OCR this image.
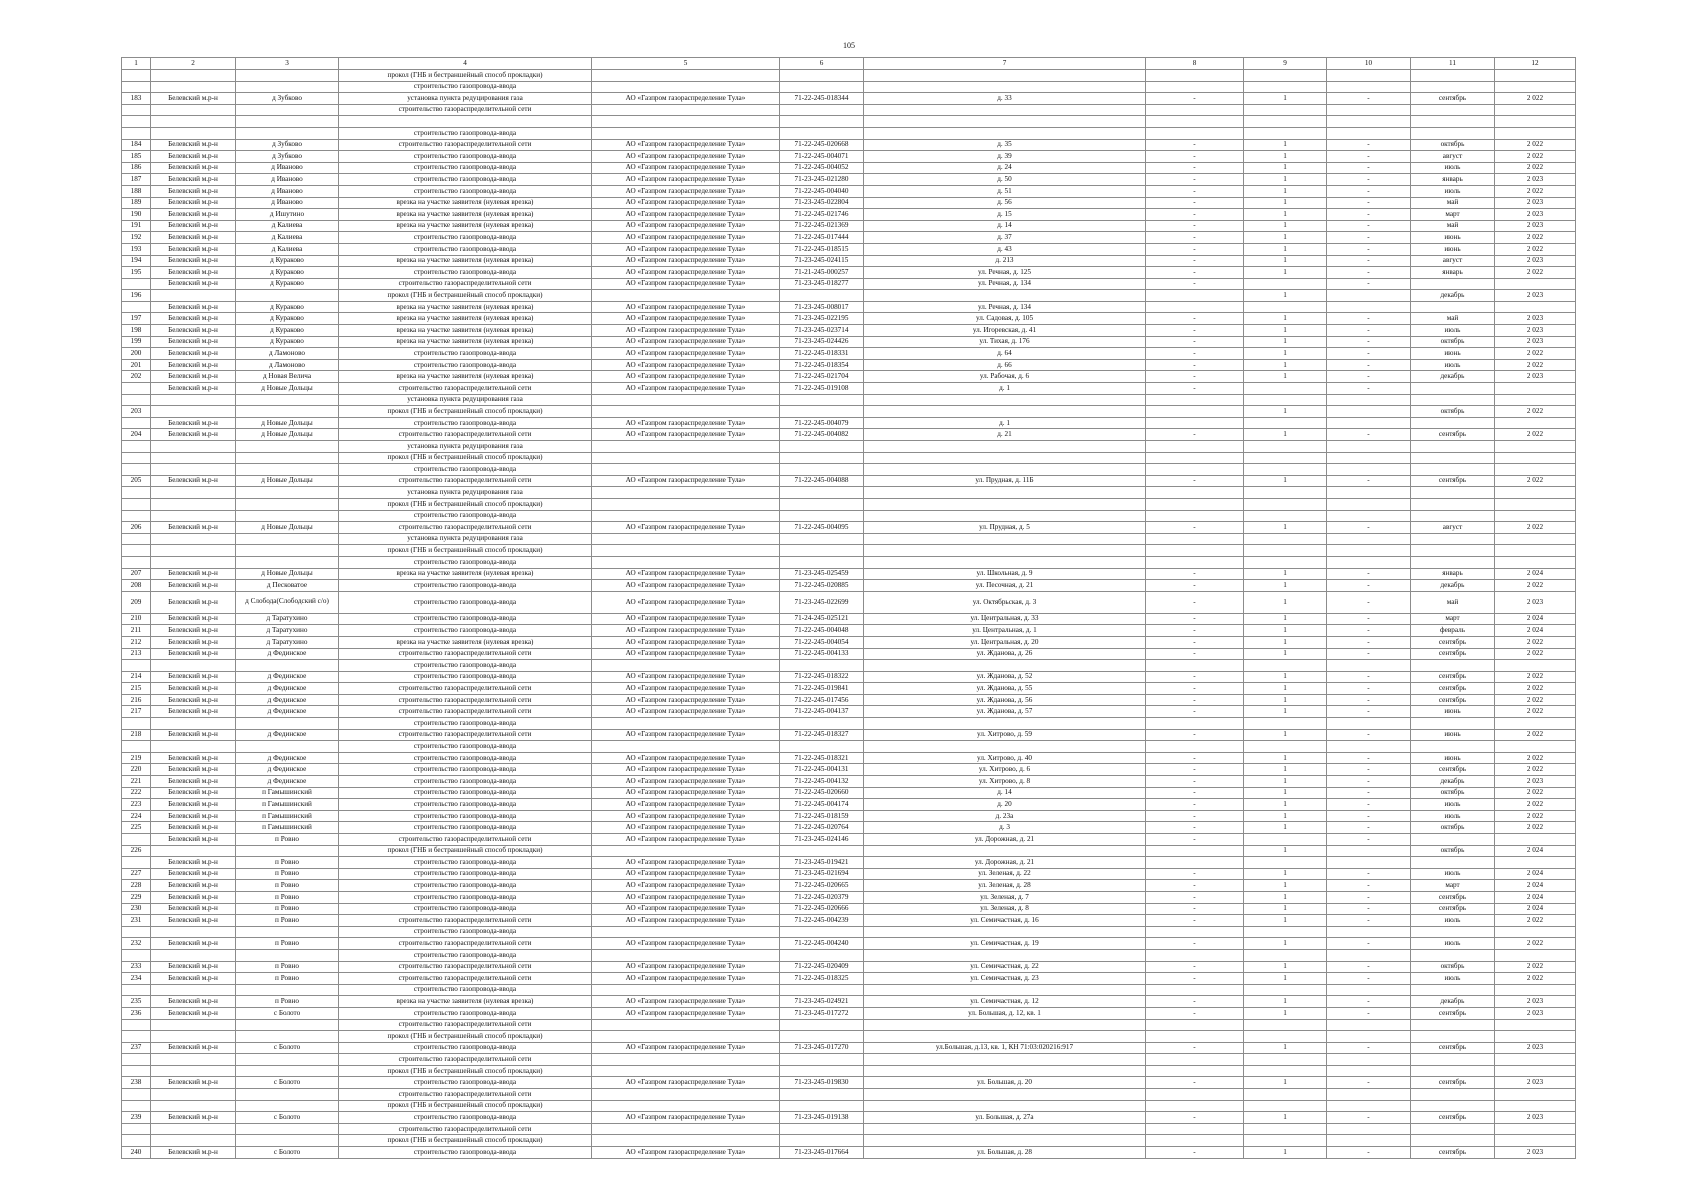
105
1	2	3	4	5	6	7	8	9	10	11	12
			прокол (ГНБ и бестраншейный способ прокладки)								
			строительство газопровода-ввода								
183	Белевский м.р-н	д Зубково	установка пункта редуцирования газа	АО «Газпром газораспределение Тула»	71-22-245-018344	д. 33	-	1	-	сентябрь	2 022
			строительство газораспределительной сети								

			строительство газопровода-ввода								
184	Белевский м.р-н	д Зубково	строительство газораспределительной сети	АО «Газпром газораспределение Тула»	71-22-245-020668	д. 35	-	1	-	октябрь	2 022
185	Белевский м.р-н	д Зубково	строительство газопровода-ввода	АО «Газпром газораспределение Тула»	71-22-245-004071	д. 39	-	1	-	август	2 022
186	Белевский м.р-н	д Иваново	строительство газопровода-ввода	АО «Газпром газораспределение Тула»	71-22-245-004052	д. 24	-	1	-	июль	2 022
187	Белевский м.р-н	д Иваново	строительство газопровода-ввода	АО «Газпром газораспределение Тула»	71-23-245-021280	д. 50	-	1	-	январь	2 023
188	Белевский м.р-н	д Иваново	строительство газопровода-ввода	АО «Газпром газораспределение Тула»	71-22-245-004040	д. 51	-	1	-	июль	2 022
189	Белевский м.р-н	д Иваново	врезка на участке заявителя (нулевая врезка)	АО «Газпром газораспределение Тула»	71-23-245-022804	д. 56	-	1	-	май	2 023
190	Белевский м.р-н	д Ишутино	врезка на участке заявителя (нулевая врезка)	АО «Газпром газораспределение Тула»	71-22-245-021746	д. 15	-	1	-	март	2 023
191	Белевский м.р-н	д Калиева	врезка на участке заявителя (нулевая врезка)	АО «Газпром газораспределение Тула»	71-22-245-021369	д. 14	-	1	-	май	2 023
192	Белевский м.р-н	д Калиева	строительство газопровода-ввода	АО «Газпром газораспределение Тула»	71-22-245-017444	д. 37	-	1	-	июнь	2 022
193	Белевский м.р-н	д Калиева	строительство газопровода-ввода	АО «Газпром газораспределение Тула»	71-22-245-018515	д. 43	-	1	-	июнь	2 022
194	Белевский м.р-н	д Кураково	врезка на участке заявителя (нулевая врезка)	АО «Газпром газораспределение Тула»	71-23-245-024115	д. 213	-	1	-	август	2 023
195	Белевский м.р-н	д Кураково	строительство газопровода-ввода	АО «Газпром газораспределение Тула»	71-21-245-000257	ул. Речная, д. 125	-	1	-	январь	2 022
	Белевский м.р-н	д Кураково	строительство газораспределительной сети	АО «Газпром газораспределение Тула»	71-23-245-018277	ул. Речная, д. 134	-		-		
196			прокол (ГНБ и бестраншейный способ прокладки)					1		декабрь	2 023
	Белевский м.р-н	д Кураково	врезка на участке заявителя (нулевая врезка)	АО «Газпром газораспределение Тула»	71-23-245-008017	ул. Речная, д. 134					
197	Белевский м.р-н	д Кураково	врезка на участке заявителя (нулевая врезка)	АО «Газпром газораспределение Тула»	71-23-245-022195	ул. Садовая, д. 105	-	1	-	май	2 023
198	Белевский м.р-н	д Кураково	врезка на участке заявителя (нулевая врезка)	АО «Газпром газораспределение Тула»	71-23-245-023714	ул. Игоревская, д. 41	-	1	-	июль	2 023
199	Белевский м.р-н	д Кураково	врезка на участке заявителя (нулевая врезка)	АО «Газпром газораспределение Тула»	71-23-245-024426	ул. Тихая, д. 176	-	1	-	октябрь	2 023
200	Белевский м.р-н	д Ламоново	строительство газопровода-ввода	АО «Газпром газораспределение Тула»	71-22-245-018331	д. 64	-	1	-	июнь	2 022
201	Белевский м.р-н	д Ламоново	строительство газопровода-ввода	АО «Газпром газораспределение Тула»	71-22-245-018354	д. 66	-	1	-	июль	2 022
202	Белевский м.р-н	д Новая Велича	врезка на участке заявителя (нулевая врезка)	АО «Газпром газораспределение Тула»	71-22-245-021704	ул. Рабочая, д. 6	-	1	-	декабрь	2 023
	Белевский м.р-н	д Новые Дольцы	строительство газораспределительной сети	АО «Газпром газораспределение Тула»	71-22-245-019108	д. 1	-		-		
			установка пункта редуцирования газа								
203			прокол (ГНБ и бестраншейный способ прокладки)					1		октябрь	2 022
	Белевский м.р-н	д Новые Дольцы	строительство газопровода-ввода	АО «Газпром газораспределение Тула»	71-22-245-004079	д. 1					
204	Белевский м.р-н	д Новые Дольцы	строительство газораспределительной сети	АО «Газпром газораспределение Тула»	71-22-245-004082	д. 21	-	1	-	сентябрь	2 022
			установка пункта редуцирования газа								
			прокол (ГНБ и бестраншейный способ прокладки)								
			строительство газопровода-ввода								
205	Белевский м.р-н	д Новые Дольцы	строительство газораспределительной сети	АО «Газпром газораспределение Тула»	71-22-245-004088	ул. Прудная, д. 11Б	-	1	-	сентябрь	2 022
			установка пункта редуцирования газа								
			прокол (ГНБ и бестраншейный способ прокладки)								
			строительство газопровода-ввода								
206	Белевский м.р-н	д Новые Дольцы	строительство газораспределительной сети	АО «Газпром газораспределение Тула»	71-22-245-004095	ул. Прудная, д. 5	-	1	-	август	2 022
			установка пункта редуцирования газа								
			прокол (ГНБ и бестраншейный способ прокладки)								
			строительство газопровода-ввода								
207	Белевский м.р-н	д Новые Дольцы	врезка на участке заявителя (нулевая врезка)	АО «Газпром газораспределение Тула»	71-23-245-025459	ул. Школьная, д. 9	-	1	-	январь	2 024
208	Белевский м.р-н	д Песковатое	строительство газопровода-ввода	АО «Газпром газораспределение Тула»	71-22-245-020885	ул. Песочная, д. 21	-	1	-	декабрь	2 022
209	Белевский м.р-н	д Слобода(Слободский с/о)	строительство газопровода-ввода	АО «Газпром газораспределение Тула»	71-23-245-022699	ул. Октябрьская, д. 3	-	1	-	май	2 023
210	Белевский м.р-н	д Таратухино	строительство газопровода-ввода	АО «Газпром газораспределение Тула»	71-24-245-025121	ул. Центральная, д. 33	-	1	-	март	2 024
211	Белевский м.р-н	д Таратухино	строительство газопровода-ввода	АО «Газпром газораспределение Тула»	71-22-245-004048	ул. Центральная, д. 1	-	1	-	февраль	2 024
212	Белевский м.р-н	д Таратухино	врезка на участке заявителя (нулевая врезка)	АО «Газпром газораспределение Тула»	71-22-245-004054	ул. Центральная, д. 20	-	1	-	сентябрь	2 022
213	Белевский м.р-н	д Фединское	строительство газораспределительной сети	АО «Газпром газораспределение Тула»	71-22-245-004133	ул. Жданова, д. 26	-	1	-	сентябрь	2 022
			строительство газопровода-ввода								
214	Белевский м.р-н	д Фединское	строительство газопровода-ввода	АО «Газпром газораспределение Тула»	71-22-245-018322	ул. Жданова, д. 52	-	1	-	сентябрь	2 022
215	Белевский м.р-н	д Фединское	строительство газораспределительной сети	АО «Газпром газораспределение Тула»	71-22-245-019841	ул. Жданова, д. 55	-	1	-	сентябрь	2 022
216	Белевский м.р-н	д Фединское	строительство газораспределительной сети	АО «Газпром газораспределение Тула»	71-22-245-017456	ул. Жданова, д. 56	-	1	-	сентябрь	2 022
217	Белевский м.р-н	д Фединское	строительство газораспределительной сети	АО «Газпром газораспределение Тула»	71-22-245-004137	ул. Жданова, д. 57	-	1	-	июнь	2 022
			строительство газопровода-ввода								
218	Белевский м.р-н	д Фединское	строительство газораспределительной сети	АО «Газпром газораспределение Тула»	71-22-245-018327	ул. Хитрово, д. 59	-	1	-	июнь	2 022
			строительство газопровода-ввода								
219	Белевский м.р-н	д Фединское	строительство газопровода-ввода	АО «Газпром газораспределение Тула»	71-22-245-018321	ул. Хитрово, д. 40	-	1	-	июнь	2 022
220	Белевский м.р-н	д Фединское	строительство газопровода-ввода	АО «Газпром газораспределение Тула»	71-22-245-004131	ул. Хитрово, д. 6	-	1	-	сентябрь	2 022
221	Белевский м.р-н	д Фединское	строительство газопровода-ввода	АО «Газпром газораспределение Тула»	71-22-245-004132	ул. Хитрово, д. 8	-	1	-	декабрь	2 023
222	Белевский м.р-н	п Гамышинский	строительство газопровода-ввода	АО «Газпром газораспределение Тула»	71-22-245-020660	д. 14	-	1	-	октябрь	2 022
223	Белевский м.р-н	п Гамышинский	строительство газопровода-ввода	АО «Газпром газораспределение Тула»	71-22-245-004174	д. 20	-	1	-	июль	2 022
224	Белевский м.р-н	п Гамышинский	строительство газопровода-ввода	АО «Газпром газораспределение Тула»	71-22-245-018159	д. 23а	-	1	-	июль	2 022
225	Белевский м.р-н	п Гамышинский	строительство газопровода-ввода	АО «Газпром газораспределение Тула»	71-22-245-020764	д. 3	-	1	-	октябрь	2 022
	Белевский м.р-н	п Ровно	строительство газораспределительной сети	АО «Газпром газораспределение Тула»	71-23-245-024146	ул. Дорожная, д. 21	-		-		
226			прокол (ГНБ и бестраншейный способ прокладки)					1		октябрь	2 024
	Белевский м.р-н	п Ровно	строительство газопровода-ввода	АО «Газпром газораспределение Тула»	71-23-245-019421	ул. Дорожная, д. 21					
227	Белевский м.р-н	п Ровно	строительство газопровода-ввода	АО «Газпром газораспределение Тула»	71-23-245-021694	ул. Зеленая, д. 22	-	1	-	июль	2 024
228	Белевский м.р-н	п Ровно	строительство газопровода-ввода	АО «Газпром газораспределение Тула»	71-22-245-020665	ул. Зеленая, д. 28	-	1	-	март	2 024
229	Белевский м.р-н	п Ровно	строительство газопровода-ввода	АО «Газпром газораспределение Тула»	71-22-245-020379	ул. Зеленая, д. 7	-	1	-	сентябрь	2 024
230	Белевский м.р-н	п Ровно	строительство газопровода-ввода	АО «Газпром газораспределение Тула»	71-22-245-020666	ул. Зеленая, д. 8	-	1	-	сентябрь	2 024
231	Белевский м.р-н	п Ровно	строительство газораспределительной сети	АО «Газпром газораспределение Тула»	71-22-245-004239	ул. Семичастная, д. 16	-	1	-	июль	2 022
			строительство газопровода-ввода								
232	Белевский м.р-н	п Ровно	строительство газораспределительной сети	АО «Газпром газораспределение Тула»	71-22-245-004240	ул. Семичастная, д. 19	-	1	-	июль	2 022
			строительство газопровода-ввода								
233	Белевский м.р-н	п Ровно	строительство газораспределительной сети	АО «Газпром газораспределение Тула»	71-22-245-020409	ул. Семичастная, д. 22	-	1	-	октябрь	2 022
234	Белевский м.р-н	п Ровно	строительство газораспределительной сети	АО «Газпром газораспределение Тула»	71-22-245-018325	ул. Семичастная, д. 23	-	1	-	июль	2 022
			строительство газопровода-ввода								
235	Белевский м.р-н	п Ровно	врезка на участке заявителя (нулевая врезка)	АО «Газпром газораспределение Тула»	71-23-245-024921	ул. Семичастная, д. 12	-	1	-	декабрь	2 023
236	Белевский м.р-н	с Болото	строительство газопровода-ввода	АО «Газпром газораспределение Тула»	71-23-245-017272	ул. Большая, д. 12, кв. 1	-	1	-	сентябрь	2 023
			строительство газораспределительной сети								
			прокол (ГНБ и бестраншейный способ прокладки)								
237	Белевский м.р-н	с Болото	строительство газопровода-ввода	АО «Газпром газораспределение Тула»	71-23-245-017270	ул.Большая, д.13, кв. 1, КН 71:03:020216:917	-	1	-	сентябрь	2 023
			строительство газораспределительной сети								
			прокол (ГНБ и бестраншейный способ прокладки)								
238	Белевский м.р-н	с Болото	строительство газопровода-ввода	АО «Газпром газораспределение Тула»	71-23-245-019830	ул. Большая, д. 20	-	1	-	сентябрь	2 023
			строительство газораспределительной сети								
			прокол (ГНБ и бестраншейный способ прокладки)								
239	Белевский м.р-н	с Болото	строительство газопровода-ввода	АО «Газпром газораспределение Тула»	71-23-245-019138	ул. Большая, д. 27а	-	1	-	сентябрь	2 023
			строительство газораспределительной сети								
			прокол (ГНБ и бестраншейный способ прокладки)								
240	Белевский м.р-н	с Болото	строительство газопровода-ввода	АО «Газпром газораспределение Тула»	71-23-245-017664	ул. Большая, д. 28	-	1	-	сентябрь	2 023
